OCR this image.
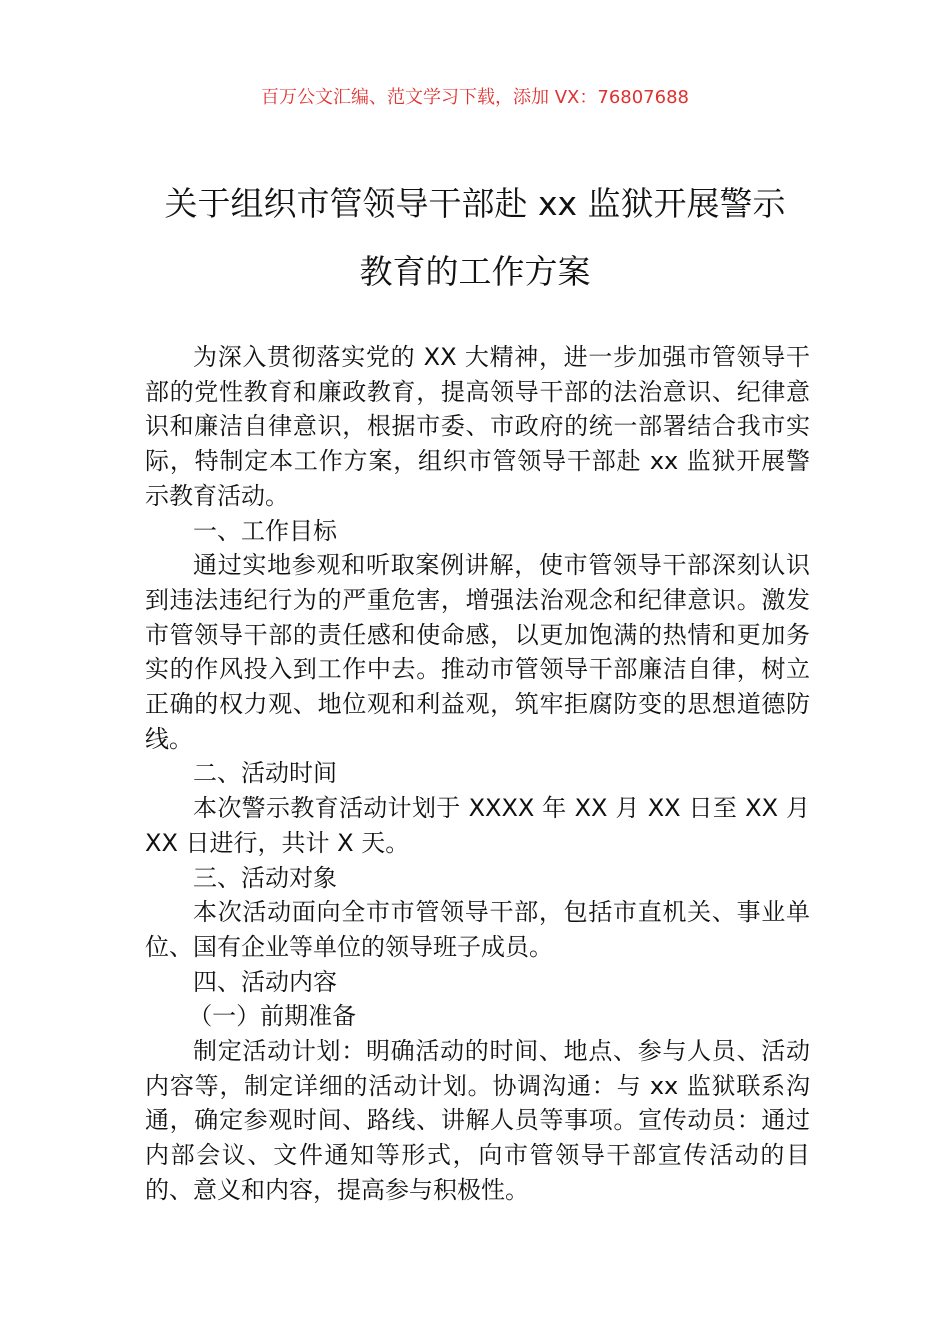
百万公文汇编、范文学习下载，添加 VX：76807688
关于组织市管领导干部赴 xx 监狱开展警示
教育的工作方案

为深入贯彻落实党的 XX 大精神，进一步加强市管领导干部的党性教育和廉政教育，提高领导干部的法治意识、纪律意识和廉洁自律意识，根据市委、市政府的统一部署结合我市实际，特制定本工作方案，组织市管领导干部赴 xx 监狱开展警示教育活动。

一、工作目标

通过实地参观和听取案例讲解，使市管领导干部深刻认识到违法违纪行为的严重危害，增强法治观念和纪律意识。激发市管领导干部的责任感和使命感，以更加饱满的热情和更加务实的作风投入到工作中去。推动市管领导干部廉洁自律，树立正确的权力观、地位观和利益观，筑牢拒腐防变的思想道德防线。

二、活动时间

本次警示教育活动计划于 XXXX 年 XX 月 XX 日至 XX 月 XX 日进行，共计 X 天。

三、活动对象

本次活动面向全市市管领导干部，包括市直机关、事业单位、国有企业等单位的领导班子成员。

四、活动内容

（一）前期准备

制定活动计划：明确活动的时间、地点、参与人员、活动内容等，制定详细的活动计划。协调沟通：与 xx 监狱联系沟通，确定参观时间、路线、讲解人员等事项。宣传动员：通过内部会议、文件通知等形式，向市管领导干部宣传活动的目的、意义和内容，提高参与积极性。
